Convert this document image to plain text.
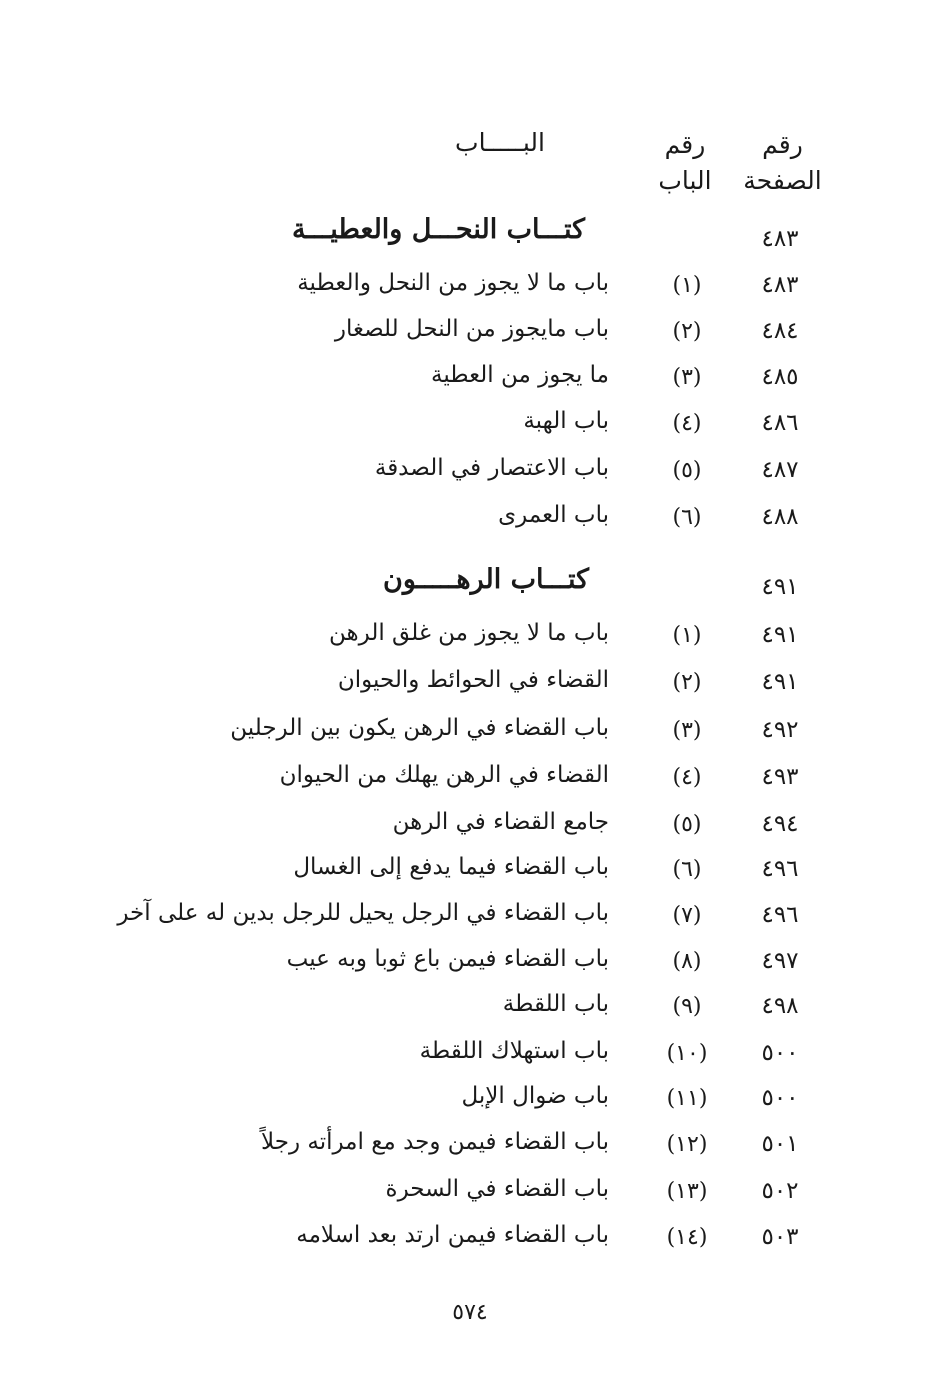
رقم الصفحة
رقم الباب
البـــــاب
٤٨٣
كتـــاب النحـــل والعطيـــة
٤٨٣
(١)
باب ما لا يجوز من النحل والعطية
٤٨٤
(٢)
باب مايجوز من النحل للصغار
٤٨٥
(٣)
ما يجوز من العطية
٤٨٦
(٤)
باب الهبة
٤٨٧
(٥)
باب الاعتصار في الصدقة
٤٨٨
(٦)
باب العمرى
٤٩١
كتـــاب الرهـــــون
٤٩١
(١)
باب ما لا يجوز من غلق الرهن
٤٩١
(٢)
القضاء في الحوائط والحيوان
٤٩٢
(٣)
باب القضاء في الرهن يكون بين الرجلين
٤٩٣
(٤)
القضاء في الرهن يهلك من الحيوان
٤٩٤
(٥)
جامع القضاء في الرهن
٤٩٦
(٦)
باب القضاء فيما يدفع إلى الغسال
٤٩٦
(٧)
باب القضاء في الرجل يحيل للرجل بدين له على آخر
٤٩٧
(٨)
باب القضاء فيمن باع ثوبا وبه عيب
٤٩٨
(٩)
باب اللقطة
٥٠٠
(١٠)
باب استهلاك اللقطة
٥٠٠
(١١)
باب ضوال الإبل
٥٠١
(١٢)
باب القضاء فيمن وجد مع امرأته رجلاً
٥٠٢
(١٣)
باب القضاء في السحرة
٥٠٣
(١٤)
باب القضاء فيمن ارتد بعد اسلامه
٥٧٤
